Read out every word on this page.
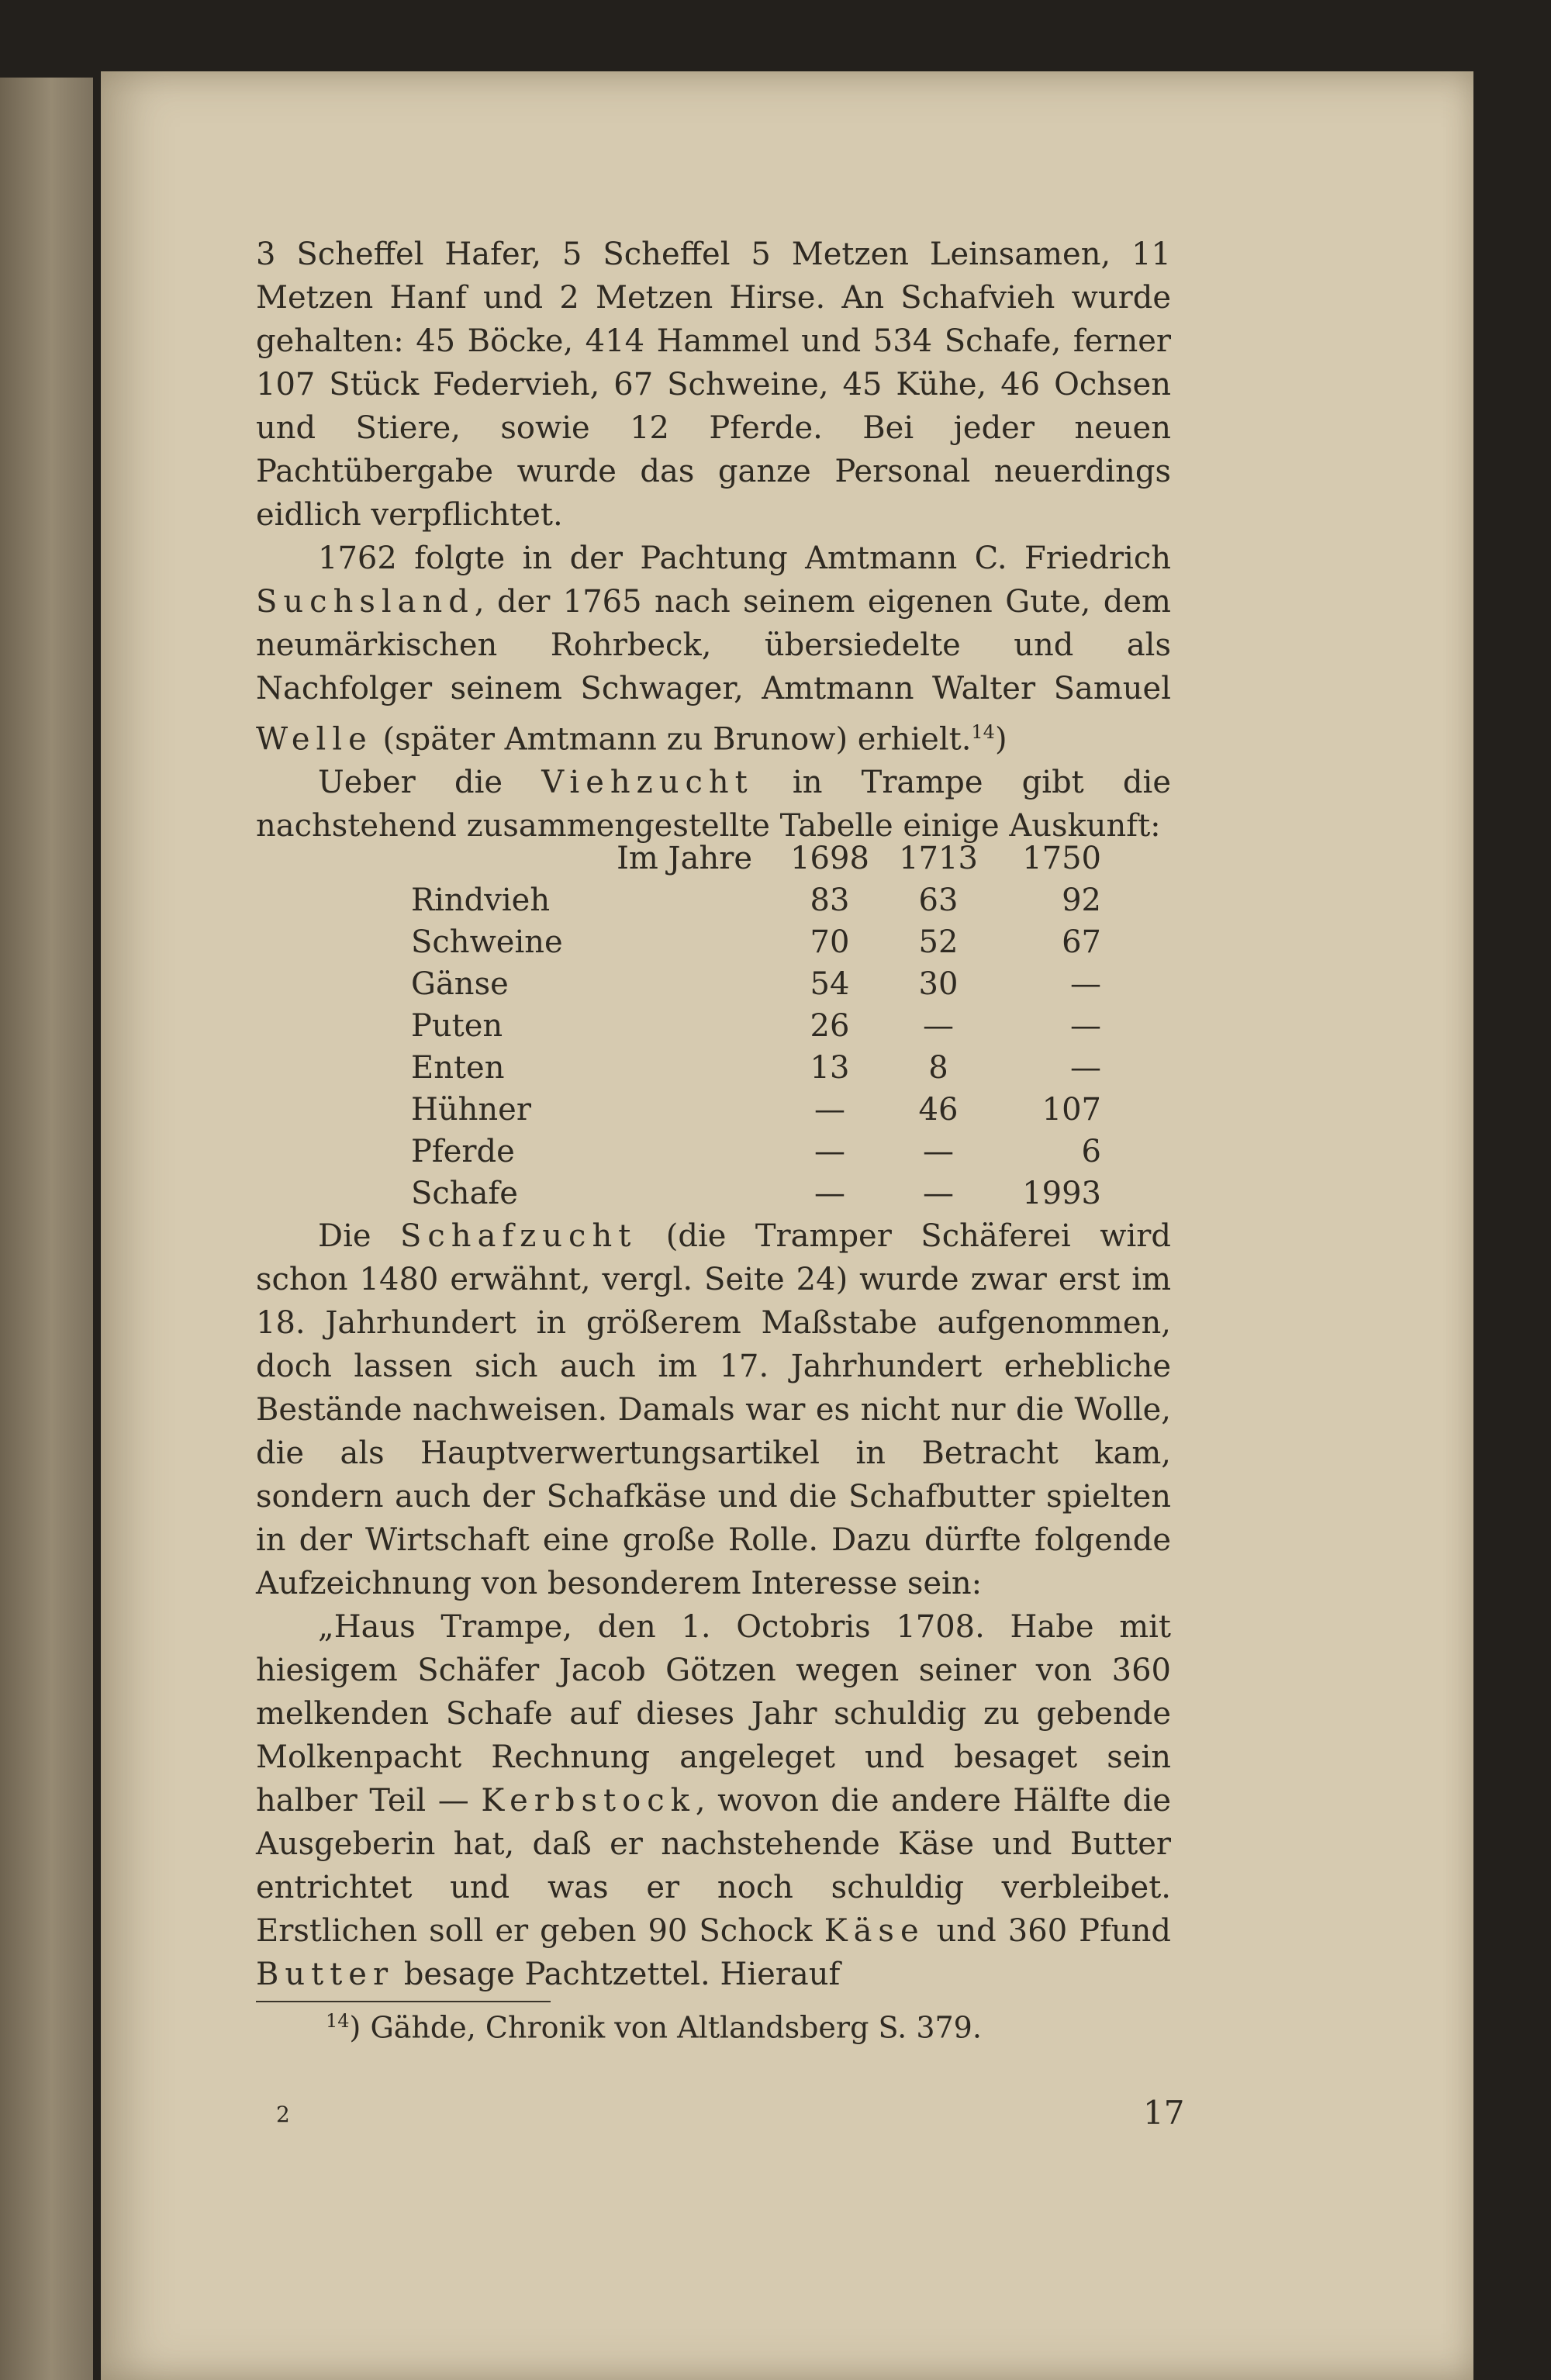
3 Scheffel Hafer, 5 Scheffel 5 Metzen Leinsamen, 11 Metzen Hanf und 2 Metzen Hirse. An Schafvieh wurde gehalten: 45 Böcke, 414 Hammel und 534 Schafe, ferner 107 Stück Federvieh, 67 Schweine, 45 Kühe, 46 Ochsen und Stiere, sowie 12 Pferde. Bei jeder neuen Pachtübergabe wurde das ganze Personal neuerdings eidlich verpflichtet.

1762 folgte in der Pachtung Amtmann C. Friedrich Suchsland, der 1765 nach seinem eigenen Gute, dem neumärkischen Rohrbeck, übersiedelte und als Nachfolger seinem Schwager, Amtmann Walter Samuel Welle (später Amtmann zu Brunow) erhielt.$^{14}$)

Ueber die Viehzucht in Trampe gibt die nachstehend zusammengestellte Tabelle einige Auskunft:

Im Jahre	1698	1713	1750
Rindvieh	83	63	92
Schweine	70	52	67
Gänse	54	30	—
Puten	26	—	—
Enten	13	8	—
Hühner	—	46	107
Pferde	—	—	6
Schafe	—	—	1993

Die Schafzucht (die Tramper Schäferei wird schon 1480 erwähnt, vergl. Seite 24) wurde zwar erst im 18. Jahrhundert in größerem Maßstabe aufgenommen, doch lassen sich auch im 17. Jahrhundert erhebliche Bestände nachweisen. Damals war es nicht nur die Wolle, die als Hauptverwertungsartikel in Betracht kam, sondern auch der Schafkäse und die Schafbutter spielten in der Wirtschaft eine große Rolle. Dazu dürfte folgende Aufzeichnung von besonderem Interesse sein:

„Haus Trampe, den 1. Octobris 1708. Habe mit hiesigem Schäfer Jacob Götzen wegen seiner von 360 melkenden Schafe auf dieses Jahr schuldig zu gebende Molkenpacht Rechnung angeleget und besaget sein halber Teil — Kerbstock, wovon die andere Hälfte die Ausgeberin hat, daß er nachstehende Käse und Butter entrichtet und was er noch schuldig verbleibet. Erstlichen soll er geben 90 Schock Käse und 360 Pfund Butter besage Pachtzettel. Hierauf

$^{14}$) Gähde, Chronik von Altlandsberg S. 379.
2	17
